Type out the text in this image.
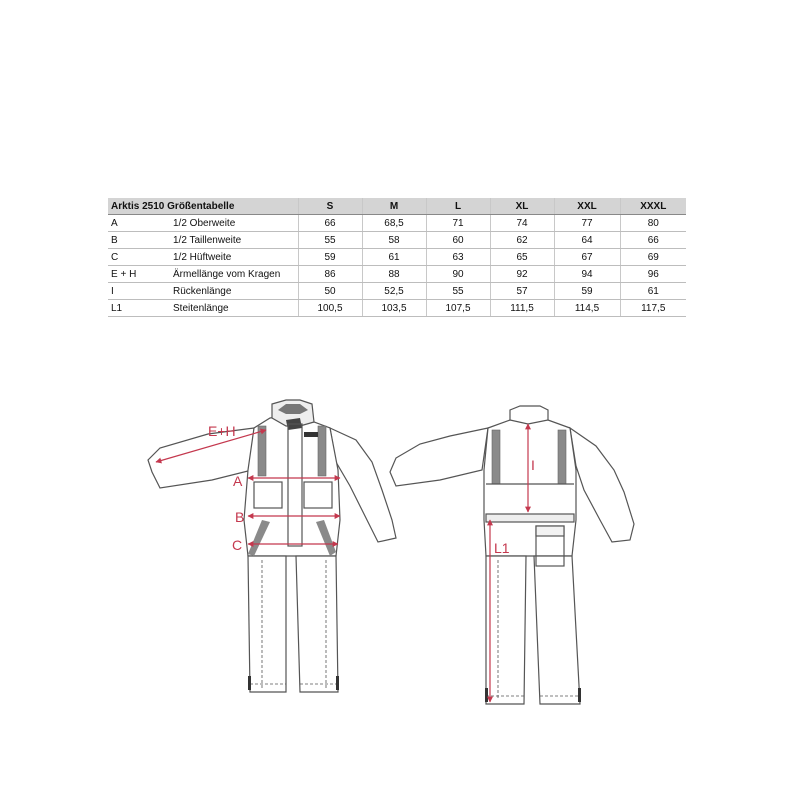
Arktis 2510 Größentabelle		S	M	L	XL	XXL	XXXL
A	1/2 Oberweite	66	68,5	71	74	77	80
B	1/2 Taillenweite	55	58	60	62	64	66
C	1/2 Hüftweite	59	61	63	65	67	69
E + H	Ärmellänge vom Kragen	86	88	90	92	94	96
I	Rückenlänge	50	52,5	55	57	59	61
L1	Steitenlänge	100,5	103,5	107,5	111,5	114,5	117,5
E+H
A
B
C
I
L1
